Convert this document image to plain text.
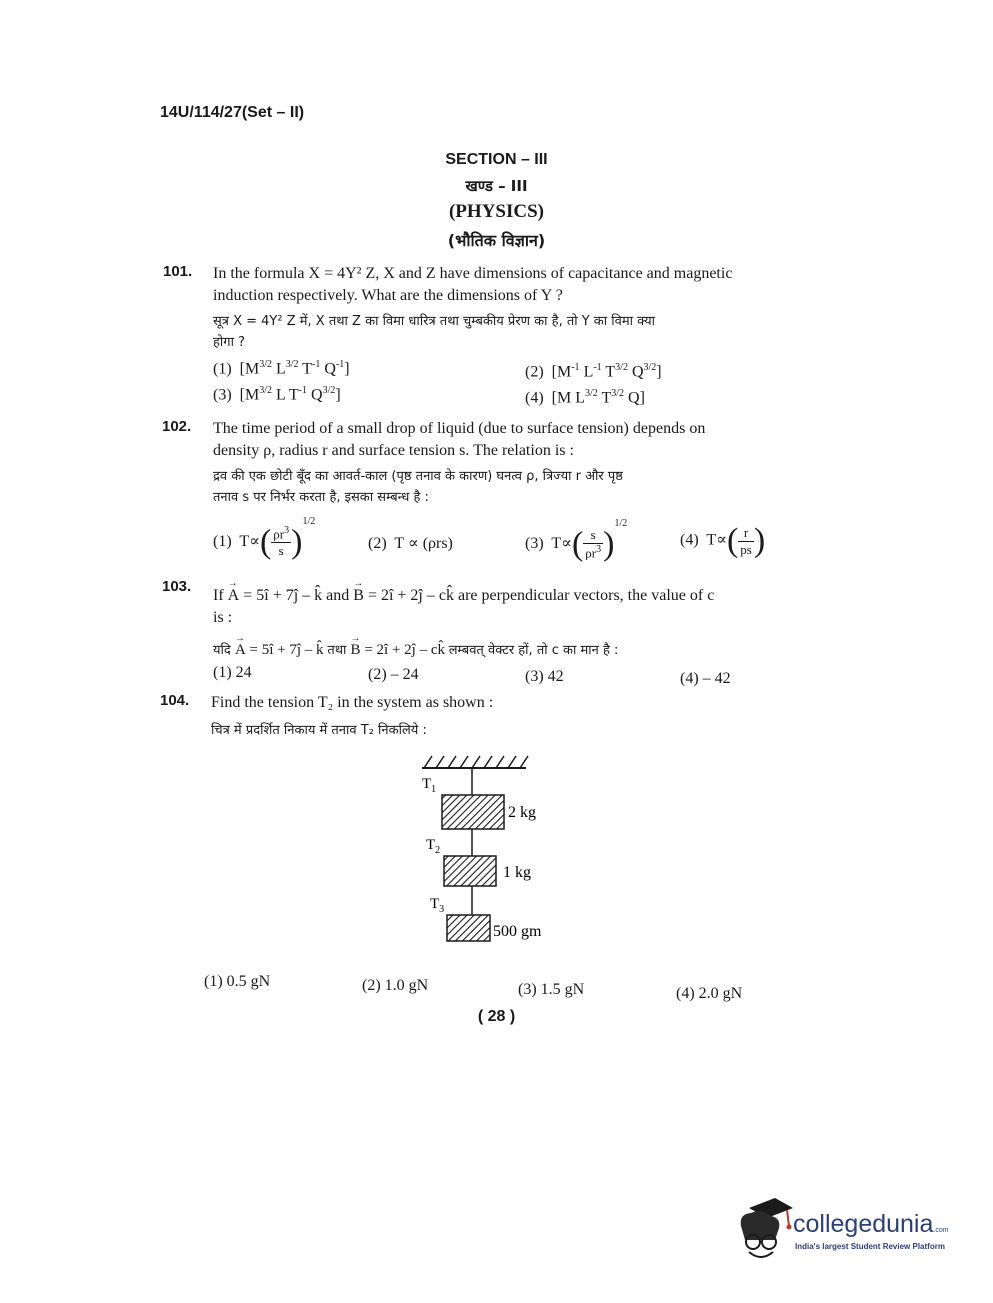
14U/114/27(Set – II)
SECTION – III
खण्ड – III
(PHYSICS)
(भौतिक विज्ञान)
101. In the formula X = 4Y² Z, X and Z have dimensions of capacitance and magnetic
induction respectively. What are the dimensions of Y ?
सूत्र X = 4Y² Z में, X तथा Z का विमा धारित्र तथा चुम्बकीय प्रेरण का है, तो Y का विमा क्या
होगा ?
(1)  [$M^{3/2}$ $L^{3/2}$ $T^{-1}$ $Q^{-1}$]	(2)  [$M^{-1}$ $L^{-1}$ $T^{3/2}$ $Q^{3/2}$]
(3)  [$M^{3/2}$ L $T^{-1}$ $Q^{3/2}$]	(4)  [M $L^{3/2}$ $T^{3/2}$ Q]
102. The time period of a small drop of liquid (due to surface tension) depends on
density ρ, radius r and surface tension s. The relation is :
द्रव की एक छोटी बूँद का आवर्त-काल (पृष्ठ तनाव के कारण) घनत्व ρ, त्रिज्या r और पृष्ठ
तनाव s पर निर्भर करता है, इसका सम्बन्ध है :
(1)  $T\propto( \frac{\rho r^3}{s} )^{1/2}$
(2) T ∝ (ρrs)	(3)  $T\propto( \frac{s}{\rho r^3} )^{1/2}$
(4)  $T\propto( \frac{r}{ps}$ )
103.
If → A = 5î + 7ĵ – k̂ and → B = 2î + 2ĵ – ck̂ are perpendicular vectors, the value of c
is :
यदि → A = 5î + 7ĵ – k̂ तथा → B = 2î + 2ĵ – ck̂ लम्बवत् वेक्टर हों, तो c का मान है :
(1) 24	(2) – 24	(3) 42	(4) – 42
104. Find the tension T₂ in the system as shown :
चित्र में प्रदर्शित निकाय में तनाव T₂ निकलिये :
$T_1$
$T_2$
$T_3$
2 kg
1 kg
500 gm
(1) 0.5 gN	(2) 1.0 gN	(3) 1.5 gN	(4) 2.0 gN
( 28 )
collegedunia.com
India's largest Student Review Platform
